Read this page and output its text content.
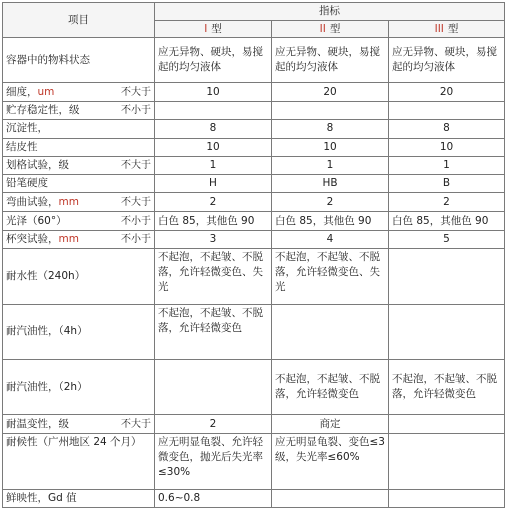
项目	指标		
	I 型	II 型	III 型
容器中的物料状态	应无异物、硬块，易搅起的均匀液体	应无异物、硬块，易搅起的均匀液体	应无异物、硬块，易搅起的均匀液体

细度，um 不大于	10	20	20

贮存稳定性，级 不小于			

沉淀性，	8	8	8
结皮性	10	10	10

划格试验，级 不大于	1	1	1
铅笔硬度	H	HB	B

弯曲试验，mm 不大于	2	2	2

光泽（60°） 不小于	白色 85，其他色 90	白色 85，其他色 90	白色 85，其他色 90

杯突试验，mm 不小于	3	4	5
耐水性（240h）	不起泡，不起皱、不脱落，允许轻微变色、失光	不起泡，不起皱、不脱落，允许轻微变色、失光	
耐汽油性，（4h）	不起泡，不起皱、不脱落，允许轻微变色		
耐汽油性，（2h）		不起泡，不起皱、不脱落，允许轻微变色	不起泡，不起皱、不脱落，允许轻微变色

耐温变性，级 不大于	2	商定	
耐候性（广州地区 24 个月）	应无明显龟裂、允许轻微变色，抛光后失光率≤30%	应无明显龟裂、变色≤3 级，失光率≤60%	
鲜映性，Gd 值	0.6~0.8		
